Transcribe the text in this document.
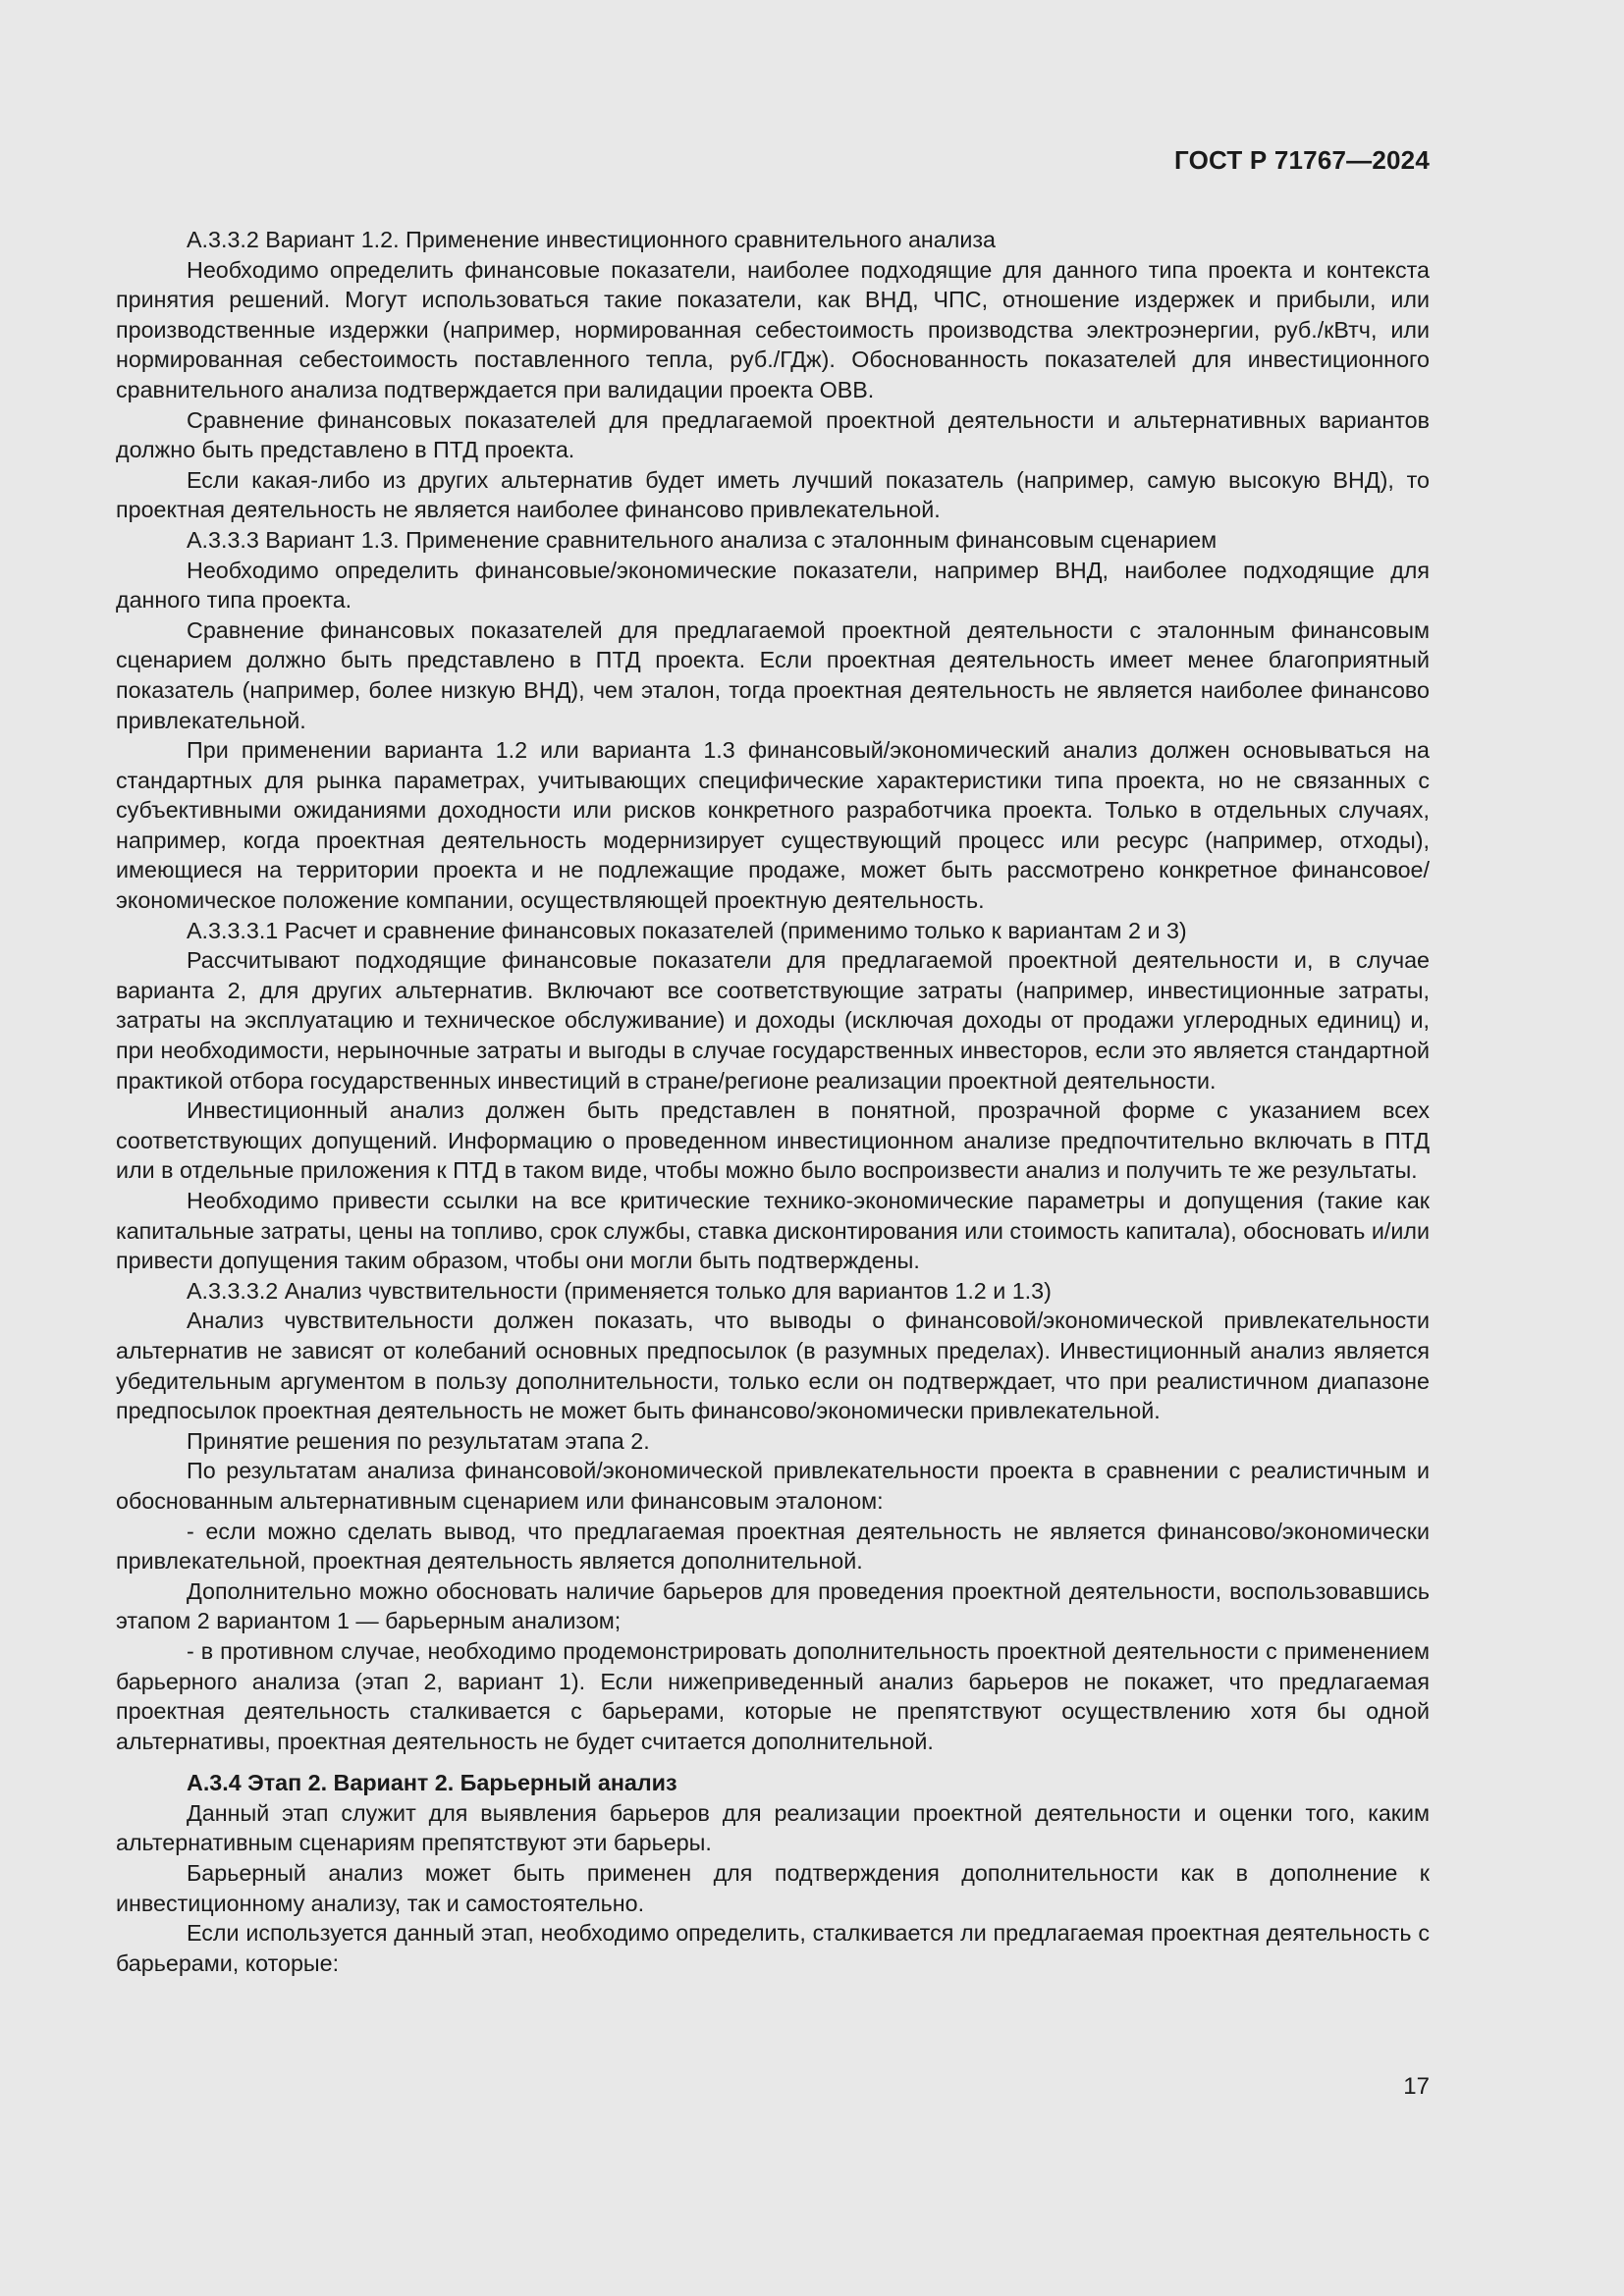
ГОСТ Р 71767—2024

А.3.3.2 Вариант 1.2. Применение инвестиционного сравнительного анализа

Необходимо определить финансовые показатели, наиболее подходящие для данного типа проекта и контекста принятия решений. Могут использоваться такие показатели, как ВНД, ЧПС, отношение издержек и прибыли, или производственные издержки (например, нормированная себестоимость производства электроэнергии, руб./кВтч, или нормированная себестоимость поставленного тепла, руб./ГДж). Обоснованность показателей для инвестиционного сравнительного анализа подтверждается при валидации проекта ОВВ.

Сравнение финансовых показателей для предлагаемой проектной деятельности и альтернативных вариантов должно быть представлено в ПТД проекта.

Если какая-либо из других альтернатив будет иметь лучший показатель (например, самую высокую ВНД), то проектная деятельность не является наиболее финансово привлекательной.

А.3.3.3 Вариант 1.3. Применение сравнительного анализа с эталонным финансовым сценарием

Необходимо определить финансовые/экономические показатели, например ВНД, наиболее подходящие для данного типа проекта.

Сравнение финансовых показателей для предлагаемой проектной деятельности с эталонным финансовым сценарием должно быть представлено в ПТД проекта. Если проектная деятельность имеет менее благоприятный показатель (например, более низкую ВНД), чем эталон, тогда проектная деятельность не является наиболее финансово привлекательной.

При применении варианта 1.2 или варианта 1.3 финансовый/экономический анализ должен основываться на стандартных для рынка параметрах, учитывающих специфические характеристики типа проекта, но не связанных с субъективными ожиданиями доходности или рисков конкретного разработчика проекта. Только в отдельных случаях, например, когда проектная деятельность модернизирует существующий процесс или ресурс (например, отходы), имеющиеся на территории проекта и не подлежащие продаже, может быть рассмотрено конкретное финансовое/экономическое положение компании, осуществляющей проектную деятельность.

А.3.3.3.1 Расчет и сравнение финансовых показателей (применимо только к вариантам 2 и 3)

Рассчитывают подходящие финансовые показатели для предлагаемой проектной деятельности и, в случае варианта 2, для других альтернатив. Включают все соответствующие затраты (например, инвестиционные затраты, затраты на эксплуатацию и техническое обслуживание) и доходы (исключая доходы от продажи углеродных единиц) и, при необходимости, нерыночные затраты и выгоды в случае государственных инвесторов, если это является стандартной практикой отбора государственных инвестиций в стране/регионе реализации проектной деятельности.

Инвестиционный анализ должен быть представлен в понятной, прозрачной форме с указанием всех соответствующих допущений. Информацию о проведенном инвестиционном анализе предпочтительно включать в ПТД или в отдельные приложения к ПТД в таком виде, чтобы можно было воспроизвести анализ и получить те же результаты.

Необходимо привести ссылки на все критические технико-экономические параметры и допущения (такие как капитальные затраты, цены на топливо, срок службы, ставка дисконтирования или стоимость капитала), обосновать и/или привести допущения таким образом, чтобы они могли быть подтверждены.

А.3.3.3.2 Анализ чувствительности (применяется только для вариантов 1.2 и 1.3)

Анализ чувствительности должен показать, что выводы о финансовой/экономической привлекательности альтернатив не зависят от колебаний основных предпосылок (в разумных пределах). Инвестиционный анализ является убедительным аргументом в пользу дополнительности, только если он подтверждает, что при реалистичном диапазоне предпосылок проектная деятельность не может быть финансово/экономически привлекательной.

Принятие решения по результатам этапа 2.

По результатам анализа финансовой/экономической привлекательности проекта в сравнении с реалистичным и обоснованным альтернативным сценарием или финансовым эталоном:

- если можно сделать вывод, что предлагаемая проектная деятельность не является финансово/экономически привлекательной, проектная деятельность является дополнительной.

Дополнительно можно обосновать наличие барьеров для проведения проектной деятельности, воспользовавшись этапом 2 вариантом 1 — барьерным анализом;

- в противном случае, необходимо продемонстрировать дополнительность проектной деятельности с применением барьерного анализа (этап 2, вариант 1). Если нижеприведенный анализ барьеров не покажет, что предлагаемая проектная деятельность сталкивается с барьерами, которые не препятствуют осуществлению хотя бы одной альтернативы, проектная деятельность не будет считается дополнительной.

А.3.4 Этап 2. Вариант 2. Барьерный анализ

Данный этап служит для выявления барьеров для реализации проектной деятельности и оценки того, каким альтернативным сценариям препятствуют эти барьеры.

Барьерный анализ может быть применен для подтверждения дополнительности как в дополнение к инвестиционному анализу, так и самостоятельно.

Если используется данный этап, необходимо определить, сталкивается ли предлагаемая проектная деятельность с барьерами, которые:

17
